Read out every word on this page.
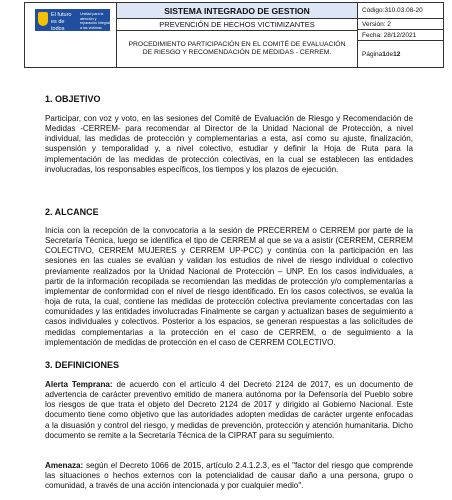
El futuro es de todos
Unidad para la atención y reparación integral a las víctimas
SISTEMA INTEGRADO DE GESTION
PREVENCIÓN DE HECHOS VICTIMIZANTES
PROCEDIMIENTO PARTICIPACIÓN EN EL COMITÉ DE EVALUACIÓN DE RIESGO Y RECOMENDACIÓN DE MEDIDAS - CERREM.
Código:310.03.08-20
Versión: 2
Fecha: 28/12/2021
Página 1 de 12
1. OBJETIVO
Participar, con voz y voto, en las sesiones del Comité de Evaluación de Riesgo y Recomendación de Medidas -CERREM- para recomendar al Director de la Unidad Nacional de Protección, a nivel individual, las medidas de protección y complementarias a esta, así como su ajuste, finalización, suspensión y temporalidad y, a nivel colectivo, estudiar y definir la Hoja de Ruta para la implementación de las medidas de protección colectivas, en la cual se establecen las entidades involucradas, los responsables específicos, los tiempos y los plazos de ejecución.
2. ALCANCE
Inicia con la recepción de la convocatoria a la sesión de PRECERREM o CERREM por parte de la Secretaría Técnica, luego se identifica el tipo de CERREM al que se va a asistir (CERREM, CERREM COLECTIVO, CERREM MUJERES y CERREM UP-PCC) y continúa con la participación en las sesiones en las cuales se evalúan y validan los estudios de nivel de riesgo individual o colectivo previamente realizados por la Unidad Nacional de Protección – UNP. En los casos individuales, a partir de la información recopilada se recomiendan las medidas de protección y/o complementarias a implementar de conformidad con el nivel de riesgo identificado. En los casos colectivos, se evalúa la hoja de ruta, la cual, contiene las medidas de protección colectiva previamente concertadas con las comunidades y las entidades involucradas Finalmente se cargan y actualizan bases de seguimiento a casos individuales y colectivos. Posterior a los espacios, se generan respuestas a las solicitudes de medidas complementarias a la protección en el caso de CERREM, o de seguimiento a la implementación de medidas de protección en el caso de CERREM COLECTIVO.
3. DEFINICIONES
Alerta Temprana: de acuerdo con el artículo 4 del Decreto 2124 de 2017, es un documento de advertencia de carácter preventivo emitido de manera autónoma por la Defensoría del Pueblo sobre los riesgos de que trata el objeto del Decreto 2124 de 2017 y dirigido al Gobierno Nacional. Este documento tiene como objetivo que las autoridades adopten medidas de carácter urgente enfocadas a la disuasión y control del riesgo, y medidas de prevención, protección y atención humanitaria. Dicho documento se remite a la Secretaría Técnica de la CIPRAT para su seguimiento.
Amenaza: según el Decreto 1066 de 2015, artículo 2.4.1.2.3, es el "factor del riesgo que comprende las situaciones o hechos externos con la potencialidad de causar daño a una persona, grupo o comunidad, a través de una acción intencionada y por cualquier medio".
